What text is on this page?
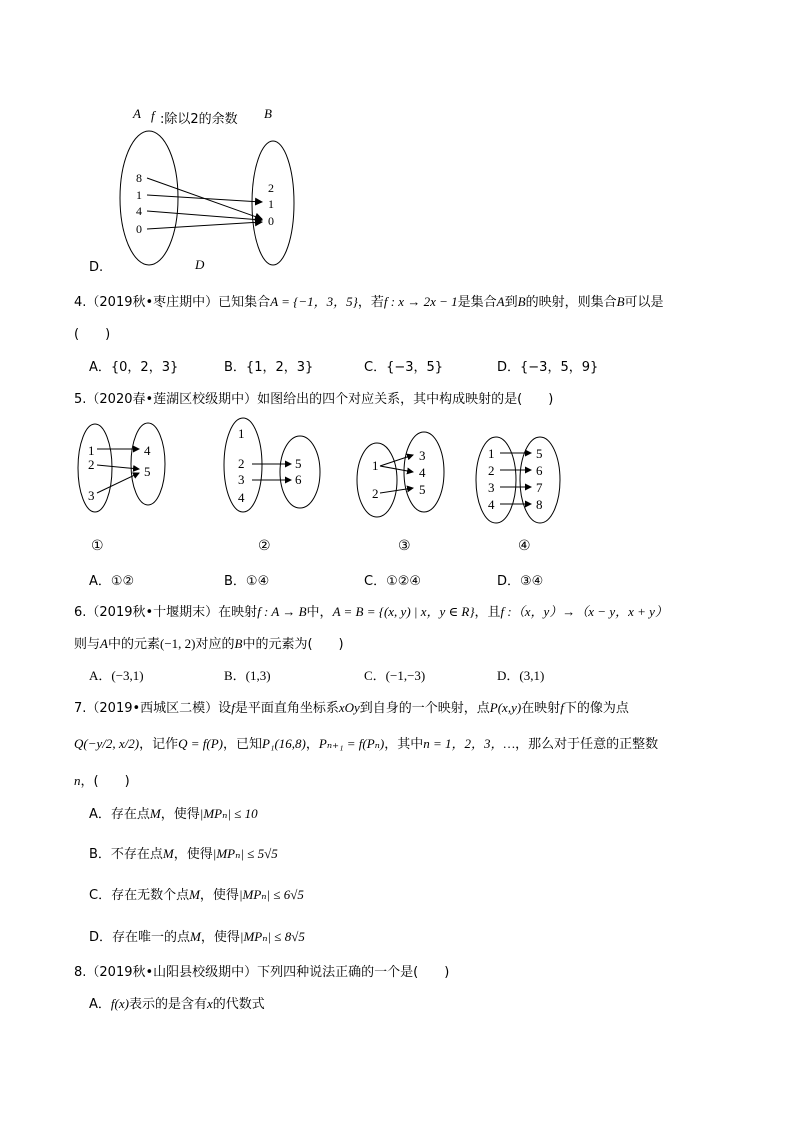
A f :除以2的余数 B
8
1
4
0
2
1
0
D.	D
4.（2019秋•枣庄期中）已知集合A = {−1，3，5}，若f : x → 2x − 1是集合A到B的映射，则集合B可以是
(　　)
A．{0，2，3}	B．{1，2，3}	C．{−3，5}	D．{−3，5，9}
5.（2020春•莲湖区校级期中）如图给出的四个对应关系，其中构成映射的是(　　)
1
2
3
4
5
1
2
3
4
5
6
1
2
3
4
5
1
2
3
4
5
6
7
8
①	②	③	④
A．①②	B．①④	C．①②④	D．③④
6.（2019秋•十堰期末）在映射f : A → B中，A = B = {(x, y) | x，y ∈ R}，且f :（x，y）→（x − y，x + y）
则与A中的元素(−1, 2)对应的B中的元素为(　　)
A．(−3,1)	B．(1,3)	C．(−1,−3)	D．(3,1)
7.（2019•西城区二模）设f是平面直角坐标系xOy到自身的一个映射，点P(x,y)在映射f下的像为点
Q(−y/2, x/2)，记作Q = f(P)，已知P₁(16,8)，Pₙ₊₁ = f(Pₙ)，其中n = 1，2，3，…，那么对于任意的正整数
n，(　　)
A．存在点M，使得|MPₙ| ≤ 10
B．不存在点M，使得|MPₙ| ≤ 5√5
C．存在无数个点M，使得|MPₙ| ≤ 6√5
D．存在唯一的点M，使得|MPₙ| ≤ 8√5
8.（2019秋•山阳县校级期中）下列四种说法正确的一个是(　　)
A．f(x)表示的是含有x的代数式
